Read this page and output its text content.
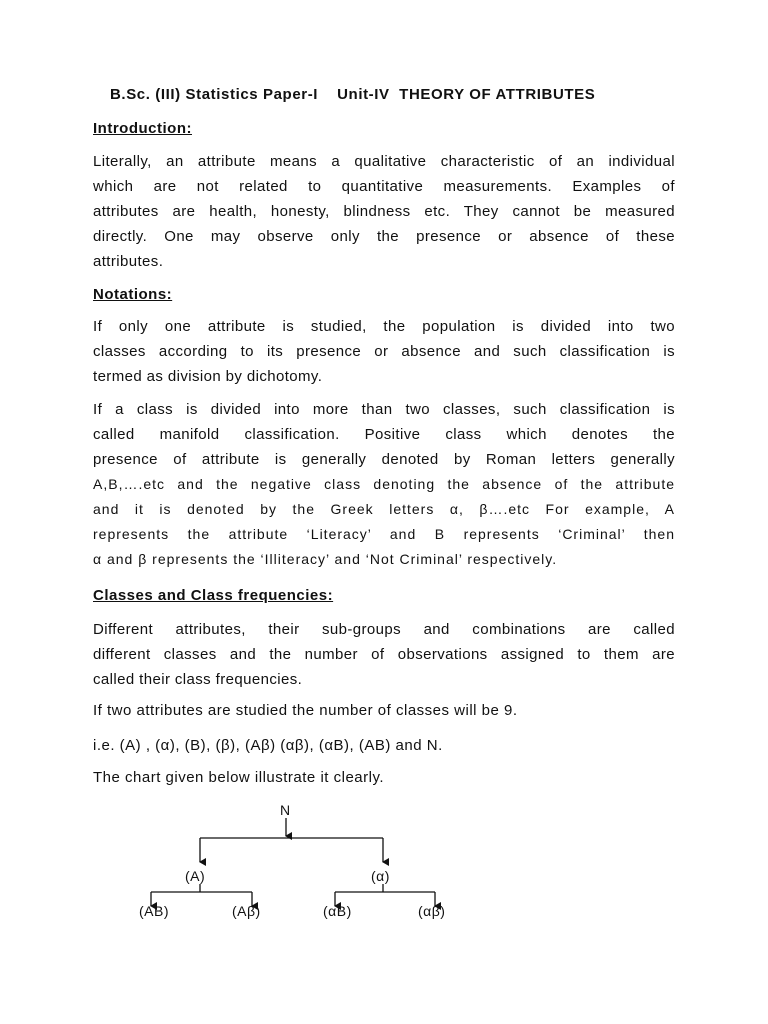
B.Sc. (III) Statistics Paper-I    Unit-IV  THEORY OF ATTRIBUTES
Introduction:
Literally, an attribute means a qualitative characteristic of an individual
which are not related to quantitative measurements. Examples of
attributes are health, honesty, blindness etc. They cannot be measured
directly. One may observe only the presence or absence of these
attributes.
Notations:
If only one attribute is studied, the population is divided into two
classes according to its presence or absence and such classification is
termed as division by dichotomy.
If a class is divided into more than two classes, such classification is
called manifold classification. Positive class which denotes the
presence of attribute is generally denoted by Roman letters generally
A,B,….etc and the negative class denoting the absence of the attribute
and it is denoted by the Greek letters α, β….etc For example, A
represents the attribute ‘Literacy’ and B represents ‘Criminal’ then
α and β represents the ‘Illiteracy’ and ‘Not Criminal’ respectively.
Classes and Class frequencies:
Different attributes, their sub-groups and combinations are called
different classes and the number of observations assigned to them are
called their class frequencies.
If two attributes are studied the number of classes will be 9.
i.e. (A) , (α), (B), (β), (Aβ) (αβ), (αB), (AB) and N.
The chart given below illustrate it clearly.
N
(A)	(α)
(AB)	(Aβ)	(αB)	(αβ)
